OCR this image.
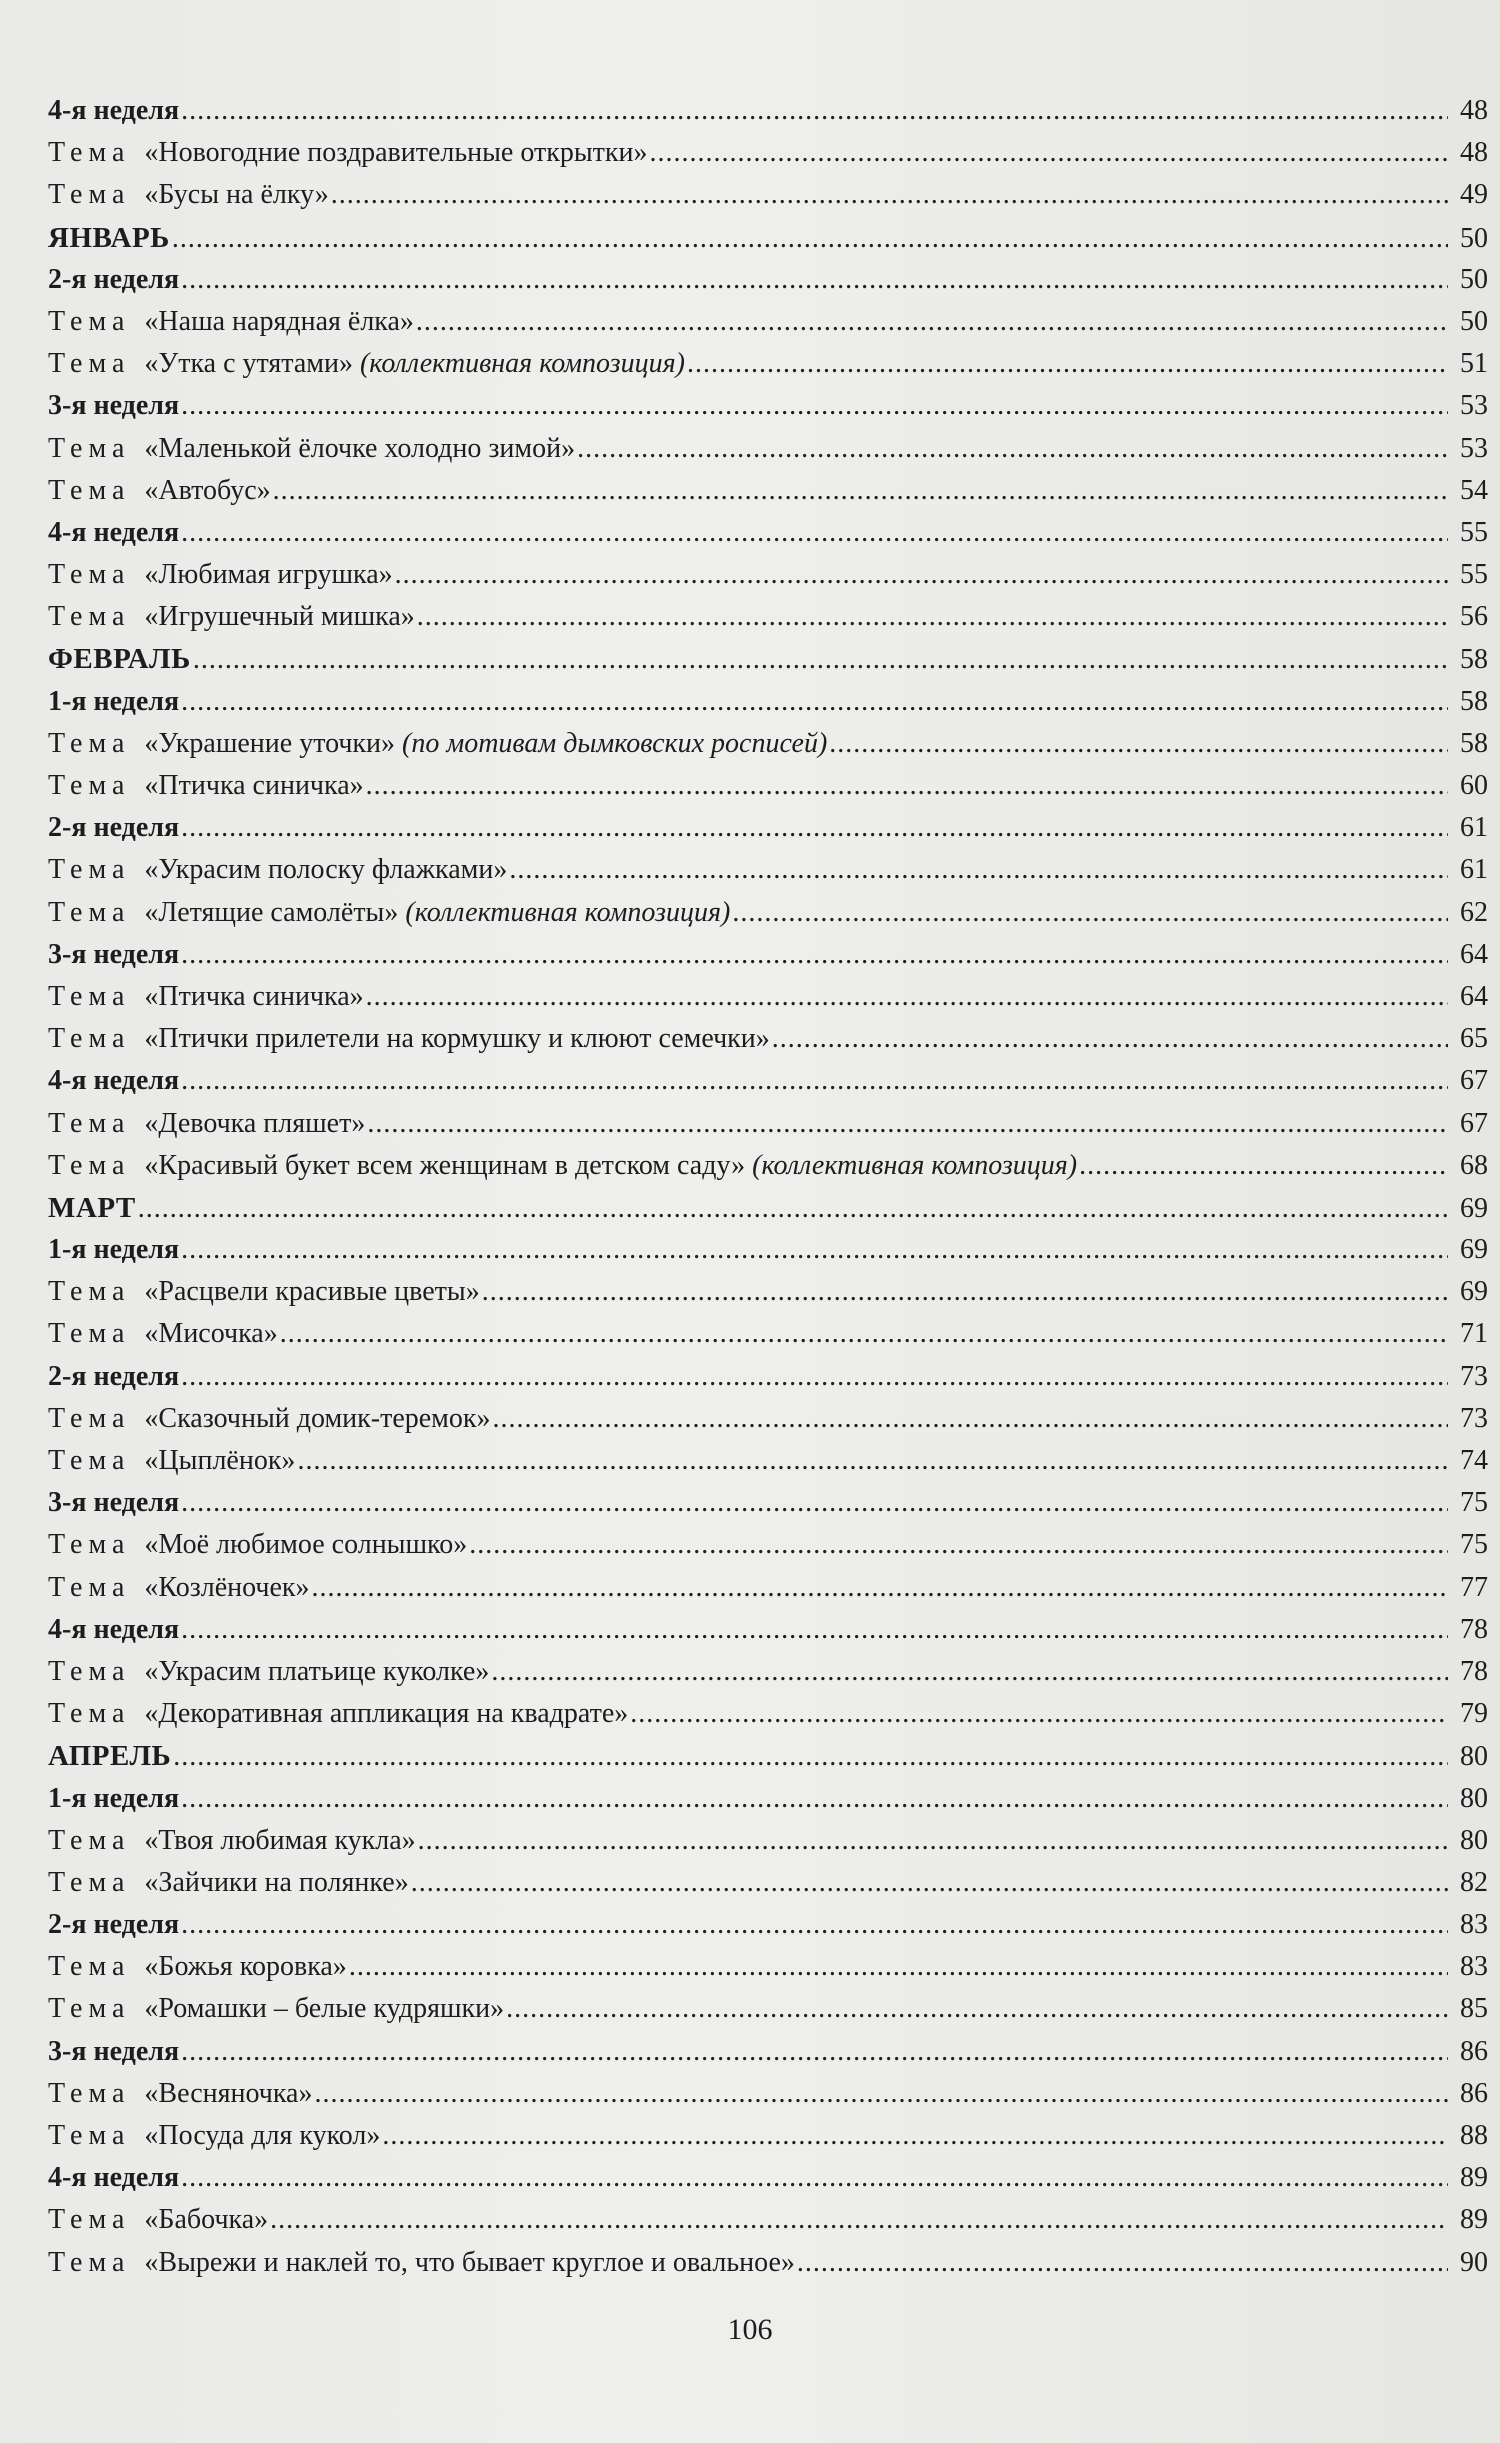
4-я неделя .....	48
Тема «Новогодние поздравительные открытки» .....	48
Тема «Бусы на ёлку» .....	49
ЯНВАРЬ .....	50
2-я неделя .....	50
Тема «Наша нарядная ёлка» .....	50
Тема «Утка с утятами» (коллективная композиция) .....	51
3-я неделя .....	53
Тема «Маленькой ёлочке холодно зимой» .....	53
Тема «Автобус» .....	54
4-я неделя .....	55
Тема «Любимая игрушка» .....	55
Тема «Игрушечный мишка» .....	56
ФЕВРАЛЬ .....	58
1-я неделя .....	58
Тема «Украшение уточки» (по мотивам дымковских росписей) .....	58
Тема «Птичка синичка» .....	60
2-я неделя .....	61
Тема «Украсим полоску флажками» .....	61
Тема «Летящие самолёты» (коллективная композиция) .....	62
3-я неделя .....	64
Тема «Птичка синичка» .....	64
Тема «Птички прилетели на кормушку и клюют семечки» .....	65
4-я неделя .....	67
Тема «Девочка пляшет» .....	67
Тема «Красивый букет всем женщинам в детском саду» (коллективная композиция) .....	68
МАРТ .....	69
1-я неделя .....	69
Тема «Расцвели красивые цветы» .....	69
Тема «Мисочка» .....	71
2-я неделя .....	73
Тема «Сказочный домик-теремок» .....	73
Тема «Цыплёнок» .....	74
3-я неделя .....	75
Тема «Моё любимое солнышко» .....	75
Тема «Козлёночек» .....	77
4-я неделя .....	78
Тема «Украсим платьице куколке» .....	78
Тема «Декоративная аппликация на квадрате» .....	79
АПРЕЛЬ .....	80
1-я неделя .....	80
Тема «Твоя любимая кукла» .....	80
Тема «Зайчики на полянке» .....	82
2-я неделя .....	83
Тема «Божья коровка» .....	83
Тема «Ромашки – белые кудряшки» .....	85
3-я неделя .....	86
Тема «Весняночка» .....	86
Тема «Посуда для кукол» .....	88
4-я неделя .....	89
Тема «Бабочка» .....	89
Тема «Вырежи и наклей то, что бывает круглое и овальное» .....	90
106
